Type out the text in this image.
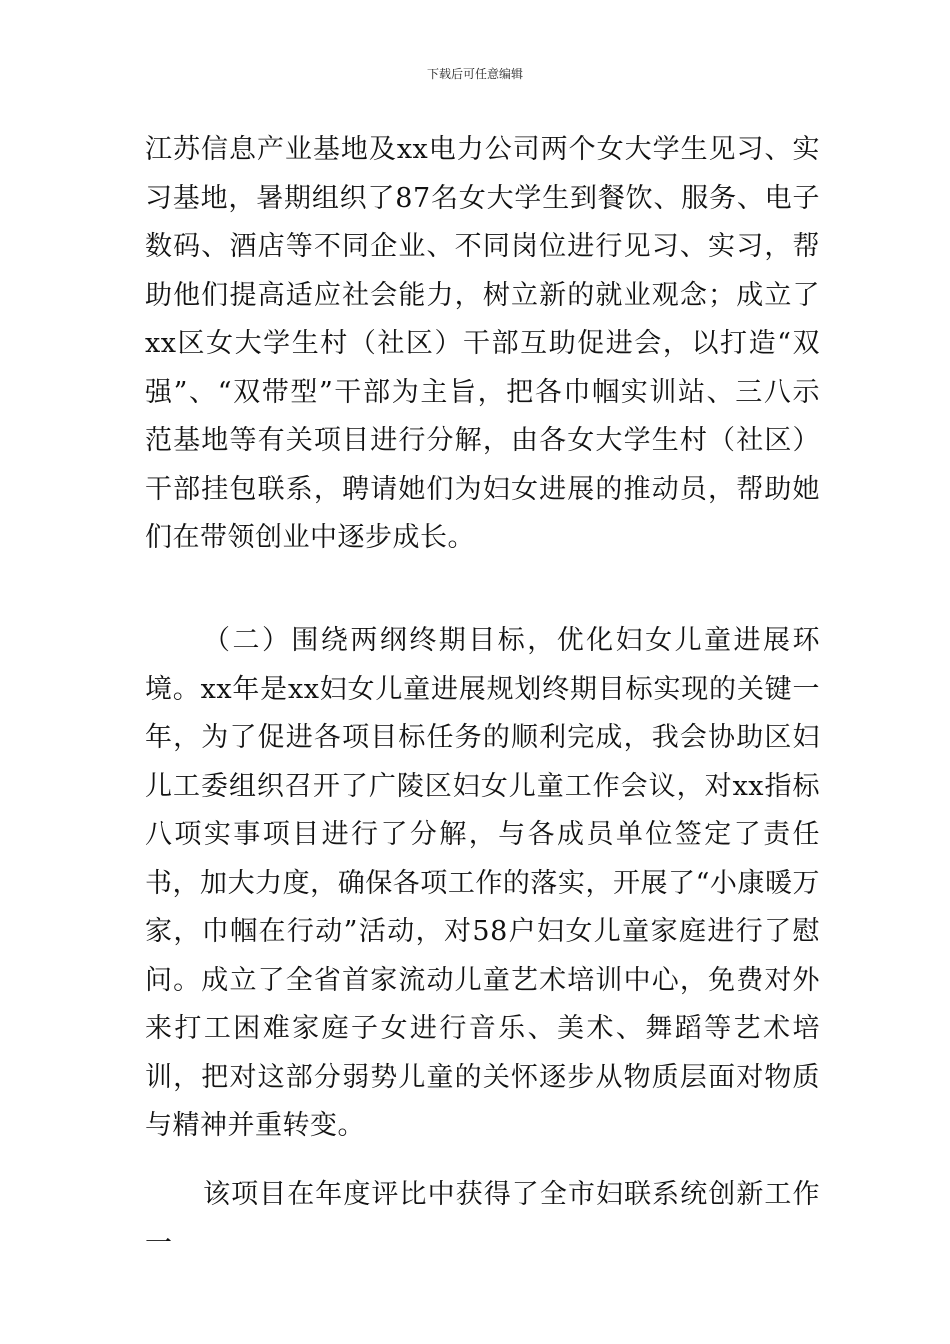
下载后可任意编辑

江苏信息产业基地及xx电力公司两个女大学生见习、实习基地，暑期组织了87名女大学生到餐饮、服务、电子数码、酒店等不同企业、不同岗位进行见习、实习，帮助他们提高适应社会能力，树立新的就业观念；成立了xx区女大学生村（社区）干部互助促进会，以打造“双强”、“双带型”干部为主旨，把各巾帼实训站、三八示范基地等有关项目进行分解，由各女大学生村（社区）干部挂包联系，聘请她们为妇女进展的推动员，帮助她们在带领创业中逐步成长。

（二）围绕两纲终期目标，优化妇女儿童进展环境。xx年是xx妇女儿童进展规划终期目标实现的关键一年，为了促进各项目标任务的顺利完成，我会协助区妇儿工委组织召开了广陵区妇女儿童工作会议，对xx指标八项实事项目进行了分解，与各成员单位签定了责任书，加大力度，确保各项工作的落实，开展了“小康暖万家，巾帼在行动”活动，对58户妇女儿童家庭进行了慰问。成立了全省首家流动儿童艺术培训中心，免费对外来打工困难家庭子女进行音乐、美术、舞蹈等艺术培训，把对这部分弱势儿童的关怀逐步从物质层面对物质与精神并重转变。

该项目在年度评比中获得了全市妇联系统创新工作一
